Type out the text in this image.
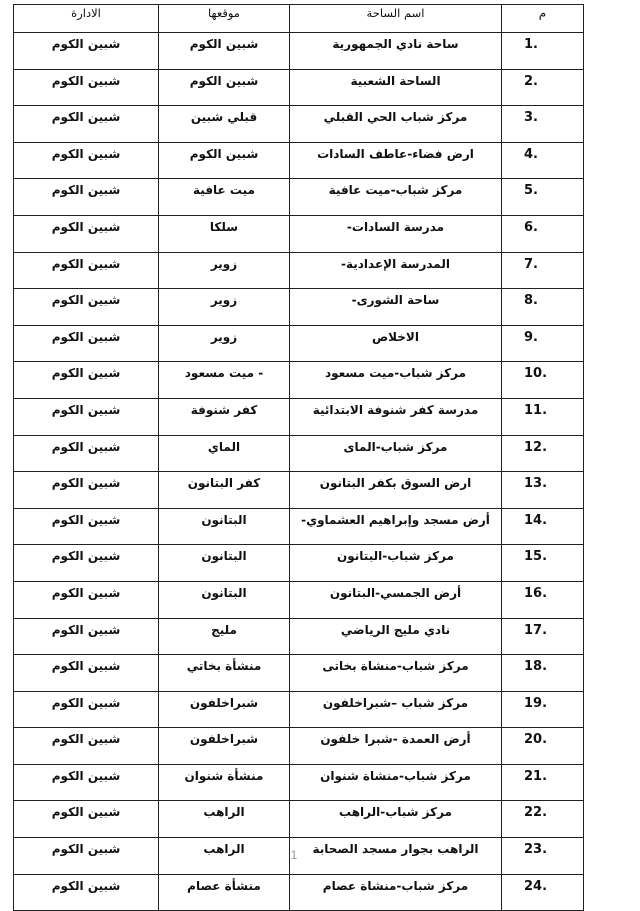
م	اسم الساحة	موقعها	الادارة
.1	ساحة نادي الجمهورية	شبين الكوم	شبين الكوم
.2	الساحة الشعبية	شبين الكوم	شبين الكوم
.3	مركز شباب الحي القبلي	قبلي شبين	شبين الكوم
.4	ارض فضاء-عاطف السادات	شبين الكوم	شبين الكوم
.5	مركز شباب-ميت عافية	ميت عافية	شبين الكوم
.6	مدرسة السادات-	سلكا	شبين الكوم
.7	المدرسة الإعدادية-	زوير	شبين الكوم
.8	ساحة الشورى-	زوير	شبين الكوم
.9	الاخلاص	زوير	شبين الكوم
.10	مركز شباب-ميت مسعود	- ميت مسعود	شبين الكوم
.11	مدرسة كفر شنوفة الابتدائية	كفر شنوفة	شبين الكوم
.12	مركز شباب-الماى	الماي	شبين الكوم
.13	ارض السوق بكفر البتانون	كفر البتانون	شبين الكوم
.14	أرض مسجد وإبراهيم العشماوي-	البتانون	شبين الكوم
.15	مركز شباب-البتانون	البتانون	شبين الكوم
.16	أرض الجمسي-البتانون	البتانون	شبين الكوم
.17	نادي مليج الرياضي	مليج	شبين الكوم
.18	مركز شباب-منشاة بخاتى	منشأة بخاتي	شبين الكوم
.19	مركز شباب –شبراخلفون	شبراخلفون	شبين الكوم
.20	أرض العمدة -شبرا خلفون	شبراخلفون	شبين الكوم
.21	مركز شباب-منشاة شنوان	منشأة شنوان	شبين الكوم
.22	مركز شباب-الراهب	الراهب	شبين الكوم
.23	الراهب بجوار مسجد الصحابة	الراهب	شبين الكوم
.24	مركز شباب-منشاة عصام	منشأة عصام	شبين الكوم
1
